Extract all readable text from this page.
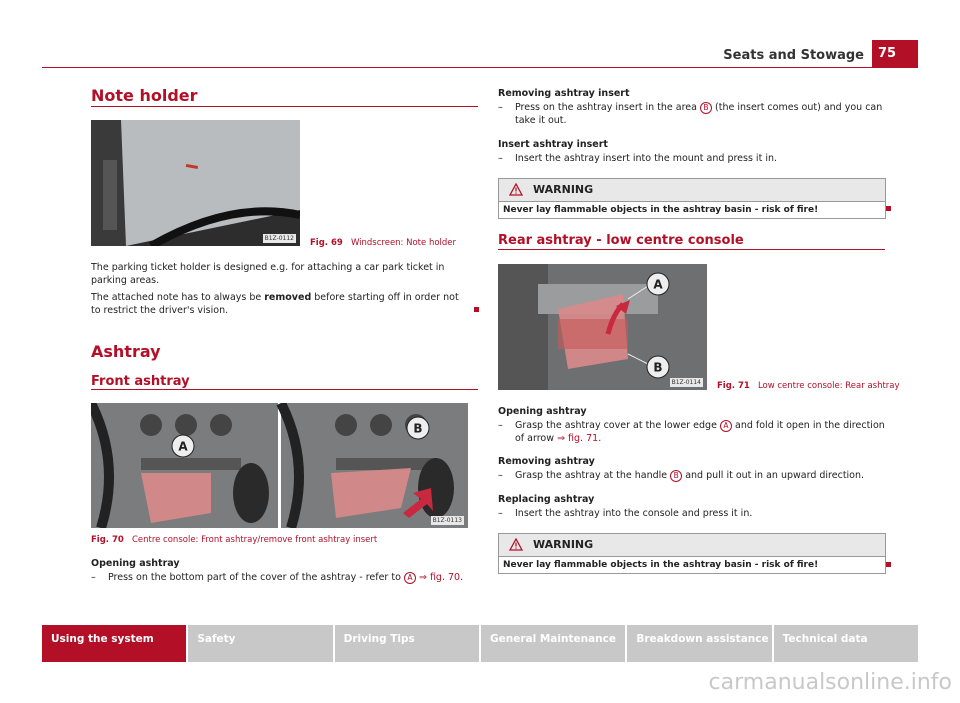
Seats and Stowage	75
Note holder
B1Z-0112 Fig. 69 Windscreen: Note holder
The parking ticket holder is designed e.g. for attaching a car park ticket in parking areas.
The attached note has to always be removed before starting off in order not to restrict the driver's vision.
Ashtray
Front ashtray
A
B
B1Z-0113
Fig. 70 Centre console: Front ashtray/remove front ashtray insert
Opening ashtray
– Press on the bottom part of the cover of the ashtray - refer to A ⇒ fig. 70.
Removing ashtray insert
– Press on the ashtray insert in the area B (the insert comes out) and you can take it out.
Insert ashtray insert
– Insert the ashtray insert into the mount and press it in.
WARNING
Never lay flammable objects in the ashtray basin - risk of fire!
Rear ashtray - low centre console
A
B
B1Z-0114 Fig. 71 Low centre console: Rear ashtray
Opening ashtray
– Grasp the ashtray cover at the lower edge A and fold it open in the direction of arrow ⇒ fig. 71.
Removing ashtray
– Grasp the ashtray at the handle B and pull it out in an upward direction.
Replacing ashtray
– Insert the ashtray into the console and press it in.
WARNING
Never lay flammable objects in the ashtray basin - risk of fire!
Using the system	Safety	Driving Tips	General Maintenance	Breakdown assistance	Technical data
carmanualsonline.info
